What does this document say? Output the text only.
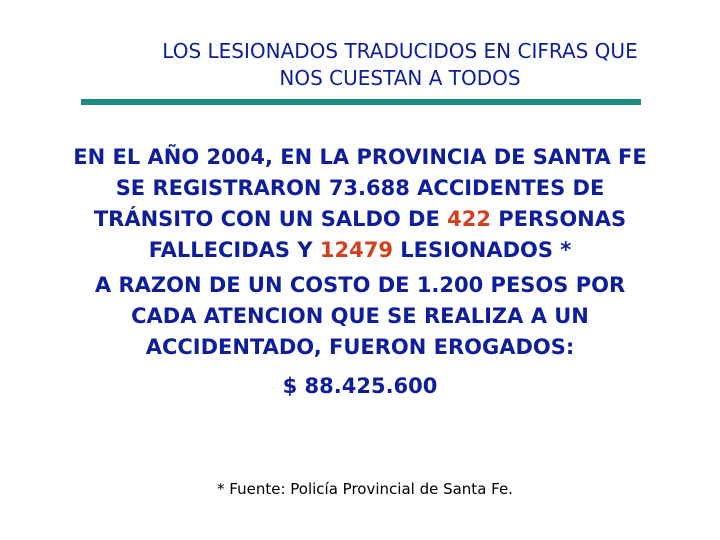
LOS LESIONADOS TRADUCIDOS EN CIFRAS QUE
NOS CUESTAN A TODOS
EN EL AÑO 2004, EN LA PROVINCIA DE SANTA FE
SE REGISTRARON 73.688 ACCIDENTES DE
TRÁNSITO CON UN SALDO DE 422 PERSONAS
FALLECIDAS Y 12479 LESIONADOS *
A RAZON DE UN COSTO DE 1.200 PESOS POR
CADA ATENCION QUE SE REALIZA A UN
ACCIDENTADO, FUERON EROGADOS:
$ 88.425.600
* Fuente: Policía Provincial de Santa Fe.
